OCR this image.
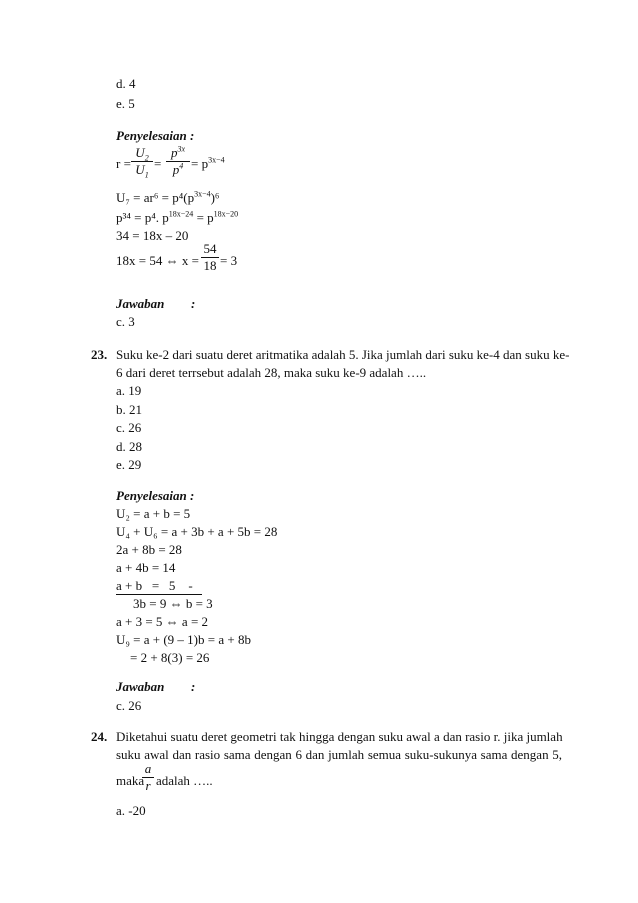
d. 4
e. 5
Penyelesaian :
r =
$U_2$
$U_1$
=
$p^{3x}$
$p^4 = p^{3x-4}$
$U_7 = ar^6 = p^4(p^{3x-4})^6$
p³⁴ = p⁴. $p^{18x-24} = p^{18x-20}$
34 = 18x – 20
18x = 54 ⇔ x =
54
18 = 3
Jawaban :
c. 3
23. Suku ke-2 dari suatu deret aritmatika adalah 5. Jika jumlah dari suku ke-4 dan suku ke-
6 dari deret terrsebut adalah 28, maka suku ke-9 adalah …..
a. 19
b. 21
c. 26
d. 28
e. 29
Penyelesaian :
U₂ = a + b = 5
U₄ + U₆ = a + 3b + a + 5b = 28
2a + 8b = 28
a + 4b = 14
a + b   =   5    -
3b = 9 ⇔ b = 3
a + 3 = 5 ⇔ a = 2
U₉ = a + (9 – 1)b = a + 8b
= 2 + 8(3) = 26
Jawaban :
c. 26
24. Diketahui suatu deret geometri tak hingga dengan suku awal a dan rasio r. jika jumlah
suku awal dan rasio sama dengan 6 dan jumlah semua suku-sukunya sama dengan 5,
maka
a
r adalah …..
a. -20
